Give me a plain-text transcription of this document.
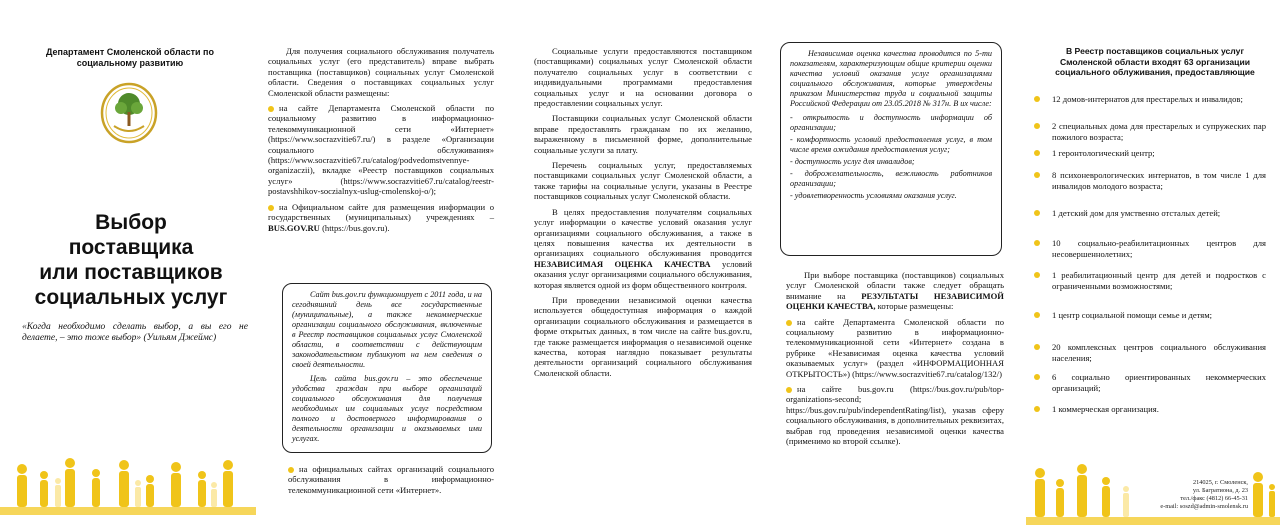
Департамент Смоленской области по социальному развитию
Выбор
поставщика
или поставщиков
социальных услуг
«Когда необходимо сделать выбор, а вы его не делаете, – это тоже выбор» (Уильям Джеймс)

Для получения социального обслуживания получатель социальных услуг (его представитель) вправе выбрать поставщика (поставщиков) социальных услуг Смоленской области. Сведения о поставщиках социальных услуг Смоленской области размещены:

на сайте Департамента Смоленской области по социальному развитию в информационно-телекоммуникационной сети «Интернет» (https://www.socrazvitie67.ru/) в разделе «Организации социального обслуживания» (https://www.socrazvitie67.ru/catalog/podvedomstvennye-organizaczii), вкладке «Реестр поставщиков социальных услуг» (https://www.socrazvitie67.ru/catalog/reestr-postavshhikov-soczialnyx-uslug-cmolenskoj-o/);

на Официальном сайте для размещения информации о государственных (муниципальных) учреждениях – BUS.GOV.RU (https://bus.gov.ru).

Сайт bus.gov.ru функционирует с 2011 года, и на сегодняшний день все государственные (муниципальные), а также некоммерческие организации социального обслуживания, включенные в Реестр поставщиков социальных услуг Смоленской области, в соответствии с действующим законодательством публикуют на нем сведения о своей деятельности.

Цель сайта bus.gov.ru – это обеспечение удобства граждан при выборе организаций социального обслуживания для получения необходимых им социальных услуг посредством полного и достоверного информирования о деятельности организации и оказываемых ими услугах.

на официальных сайтах организаций социального обслуживания в информационно-телекоммуникационной сети «Интернет».

Социальные услуги предоставляются поставщиком (поставщиками) социальных услуг Смоленской области получателю социальных услуг в соответствии с индивидуальными программами предоставления социальных услуг и на основании договора о предоставлении социальных услуг.

Поставщики социальных услуг Смоленской области вправе предоставлять гражданам по их желанию, выраженному в письменной форме, дополнительные социальные услуги за плату.

Перечень социальных услуг, предоставляемых поставщиками социальных услуг Смоленской области, а также тарифы на социальные услуги, указаны в Реестре поставщиков социальных услуг Смоленской области.

В целях предоставления получателям социальных услуг информации о качестве условий оказания услуг организациями социального обслуживания, а также в целях повышения качества их деятельности в организациях социального обслуживания проводится НЕЗАВИСИМАЯ ОЦЕНКА КАЧЕСТВА условий оказания услуг организациями социального обслуживания, которая является одной из форм общественного контроля.

При проведении независимой оценки качества используется общедоступная информация о каждой организации социального обслуживания и размещается в форме открытых данных, в том числе на сайте bus.gov.ru, где также размещается информация о независимой оценке качества, которая наглядно показывает результаты деятельности организаций социального обслуживания Смоленской области.

Независимая оценка качества проводится по 5-ти показателям, характеризующим общие критерии оценки качества условий оказания услуг организациями социального обслуживания, которые утверждены приказом Министерства труда и социальной защиты Российской Федерации от 23.05.2018 № 317н. В их числе:

- открытость и доступность информации об организации;
- комфортность условий предоставления услуг, в том числе время ожидания предоставления услуг;
- доступность услуг для инвалидов;
- доброжелательность, вежливость работников организации;
- удовлетворенность условиями оказания услуг.

При выборе поставщика (поставщиков) социальных услуг Смоленской области также следует обращать внимание на РЕЗУЛЬТАТЫ НЕЗАВИСИМОЙ ОЦЕНКИ КАЧЕСТВА, которые размещены:

на сайте Департамента Смоленской области по социальному развитию в информационно-телекоммуникационной сети «Интернет» создана в рубрике «Независимая оценка качества условий оказываемых услуг» (раздел «ИНФОРМАЦИОННАЯ ОТКРЫТОСТЬ») (https://www.socrazvitie67.ru/catalog/132/)

на сайте bus.gov.ru (https://bus.gov.ru/pub/top-organizations-second; https://bus.gov.ru/pub/independentRating/list), указав сферу социального обслуживания, в дополнительных реквизитах, выбрав год проведения независимой оценки качества (применимо ко второй ссылке).

В Реестр поставщиков социальных услуг Смоленской области входят 63 организации социального облуживания, предоставляющие
12 домов-интернатов для престарелых и инвалидов;
2 специальных дома для престарелых и супружеских пар пожилого возраста;
1 геронтологический центр;
8 психоневрологических интернатов, в том числе 1 для инвалидов молодого возраста;
1 детский дом для умственно отсталых детей;
10 социально-реабилитационных центров для несовершеннолетних;
1 реабилитационный центр для детей и подростков с ограниченными возможностями;
1 центр социальной помощи семье и детям;
20 комплексных центров социального обслуживания населения;
6 социально ориентированных некоммерческих организаций;
1 коммерческая организация.
214025, г. Смоленск,
ул. Багратиона, д. 23
тел./факс (4812) 66-45-31
e-mail: soszd@admin-smolensk.ru
